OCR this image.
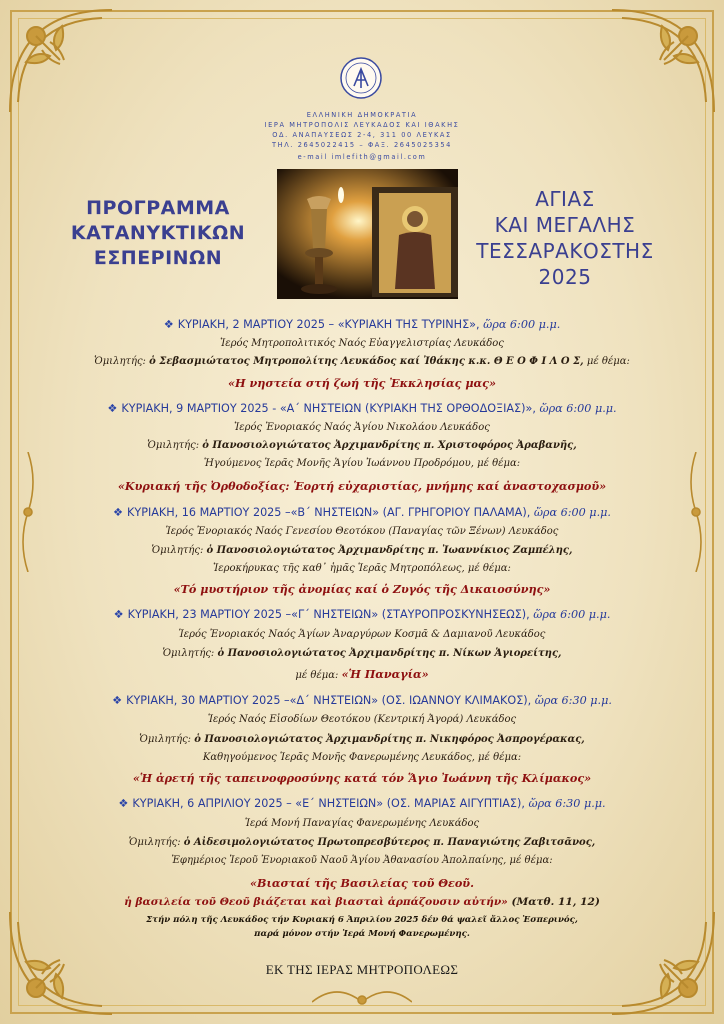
ΕΛΛΗΝΙΚΗ ΔΗΜΟΚΡΑΤΙΑ
ΙΕΡΑ ΜΗΤΡΟΠΟΛΙΣ ΛΕΥΚΑΔΟΣ ΚΑΙ ΙΘΑΚΗΣ
ΟΔ. ΑΝΑΠΑΥΣΕΩΣ 2-4, 311 00 ΛΕΥΚΑΣ
ΤΗΛ. 2645022415 – ΦΑΞ. 2645025354
e-mail imlefith@gmail.com
ΠΡΟΓΡΑΜΜΑ
ΚΑΤΑΝΥΚΤΙΚΩΝ
ΕΣΠΕΡΙΝΩΝ
ΑΓΙΑΣ
ΚΑΙ ΜΕΓΑΛΗΣ
ΤΕΣΣΑΡΑΚΟΣΤΗΣ
2025
❖ ΚΥΡΙΑΚΗ, 2 ΜΑΡΤΙΟΥ 2025 – «ΚΥΡΙΑΚΗ ΤΗΣ ΤΥΡΙΝΗΣ», ὥρα 6:00 μ.μ.
Ἱερός Μητροπολιτικός Ναός Εὐαγγελιστρίας Λευκάδος
Ὁμιλητής: ὁ Σεβασμιώτατος Μητροπολίτης Λευκάδος καί Ἰθάκης κ.κ. Θ Ε Ο Φ Ι Λ Ο Σ, μέ θέμα:
«Η νηστεία στή ζωή τῆς Ἐκκλησίας μας»
❖ ΚΥΡΙΑΚΗ, 9 ΜΑΡΤΙΟΥ 2025 - «Α΄ ΝΗΣΤΕΙΩΝ (ΚΥΡΙΑΚΗ ΤΗΣ ΟΡΘΟΔΟΞΙΑΣ)», ὥρα 6:00 μ.μ.
Ἱερός Ἐνοριακός Ναός Ἁγίου Νικολάου Λευκάδος
Ὁμιλητής: ὁ Πανοσιολογιώτατος Ἀρχιμανδρίτης π. Χριστοφόρος Ἀραβανῆς,
Ἡγούμενος Ἱερᾶς Μονῆς Ἁγίου Ἰωάννου Προδρόμου, μέ θέμα:
«Κυριακή τῆς Ὀρθοδοξίας: Ἑορτή εὐχαριστίας, μνήμης καί ἀναστοχασμοῦ»
❖ ΚΥΡΙΑΚΗ, 16 ΜΑΡΤΙΟΥ 2025 –«Β΄ ΝΗΣΤΕΙΩΝ» (ΑΓ. ΓΡΗΓΟΡΙΟΥ ΠΑΛΑΜΑ), ὥρα 6:00 μ.μ.
Ἱερός Ἐνοριακός Ναός Γενεσίου Θεοτόκου (Παναγίας τῶν Ξένων) Λευκάδος
Ὁμιλητής: ὁ Πανοσιολογιώτατος Ἀρχιμανδρίτης π. Ἰωαννίκιος Ζαμπέλης,
Ἱεροκήρυκας τῆς καθ᾽ ἡμᾶς Ἱερᾶς Μητροπόλεως, μέ θέμα:
«Τό μυστήριον τῆς ἀνομίας καί ὁ Ζυγός τῆς Δικαιοσύνης»
❖ ΚΥΡΙΑΚΗ, 23 ΜΑΡΤΙΟΥ 2025 –«Γ΄ ΝΗΣΤΕΙΩΝ» (ΣΤΑΥΡΟΠΡΟΣΚΥΝΗΣΕΩΣ), ὥρα 6:00 μ.μ.
Ἱερός Ἐνοριακός Ναός Ἁγίων Ἀναργύρων Κοσμᾶ & Δαμιανοῦ Λευκάδος
Ὁμιλητής: ὁ Πανοσιολογιώτατος Ἀρχιμανδρίτης π. Νίκων Ἁγιορείτης,
μέ θέμα: «Ἡ Παναγία»
❖ ΚΥΡΙΑΚΗ, 30 ΜΑΡΤΙΟΥ 2025 –«Δ΄ ΝΗΣΤΕΙΩΝ» (ΟΣ. ΙΩΑΝΝΟΥ ΚΛΙΜΑΚΟΣ), ὥρα 6:30 μ.μ.
Ἱερός Ναός Εἰσοδίων Θεοτόκου (Κεντρική Ἀγορά) Λευκάδος
Ὁμιλητής: ὁ Πανοσιολογιώτατος Ἀρχιμανδρίτης π. Νικηφόρος Ἀσπρογέρακας,
Καθηγούμενος Ἱερᾶς Μονῆς Φανερωμένης Λευκάδος, μέ θέμα:
«Ἡ ἀρετή τῆς ταπεινοφροσύνης κατά τόν Ἅγιο Ἰωάννη τῆς Κλίμακος»
❖ ΚΥΡΙΑΚΗ, 6 ΑΠΡΙΛΙΟΥ 2025 – «Ε΄ ΝΗΣΤΕΙΩΝ» (ΟΣ. ΜΑΡΙΑΣ ΑΙΓΥΠΤΙΑΣ), ὥρα 6:30 μ.μ.
Ἱερά Μονή Παναγίας Φανερωμένης Λευκάδος
Ὁμιλητής: ὁ Αἰδεσιμολογιώτατος Πρωτοπρεσβύτερος π. Παναγιώτης Ζαβιτσᾶνος,
Ἐφημέριος Ἱεροῦ Ἐνοριακοῦ Ναοῦ Ἁγίου Ἀθανασίου Ἀπολπαίνης, μέ θέμα:
«Βιασταί τῆς Βασιλείας τοῦ Θεοῦ.
ἡ βασιλεία τοῦ Θεοῦ βιάζεται καὶ βιασταὶ ἁρπάζουσιν αὐτήν» (Ματθ. 11, 12)
Στήν πόλη τῆς Λευκάδος τήν Κυριακή 6 Ἀπριλίου 2025 δέν θά ψαλεῖ ἄλλος Ἑσπερινός,
παρά μόνον στήν Ἱερά Μονή Φανερωμένης.
ΕΚ ΤΗΣ ΙΕΡΑΣ ΜΗΤΡΟΠΟΛΕΩΣ
